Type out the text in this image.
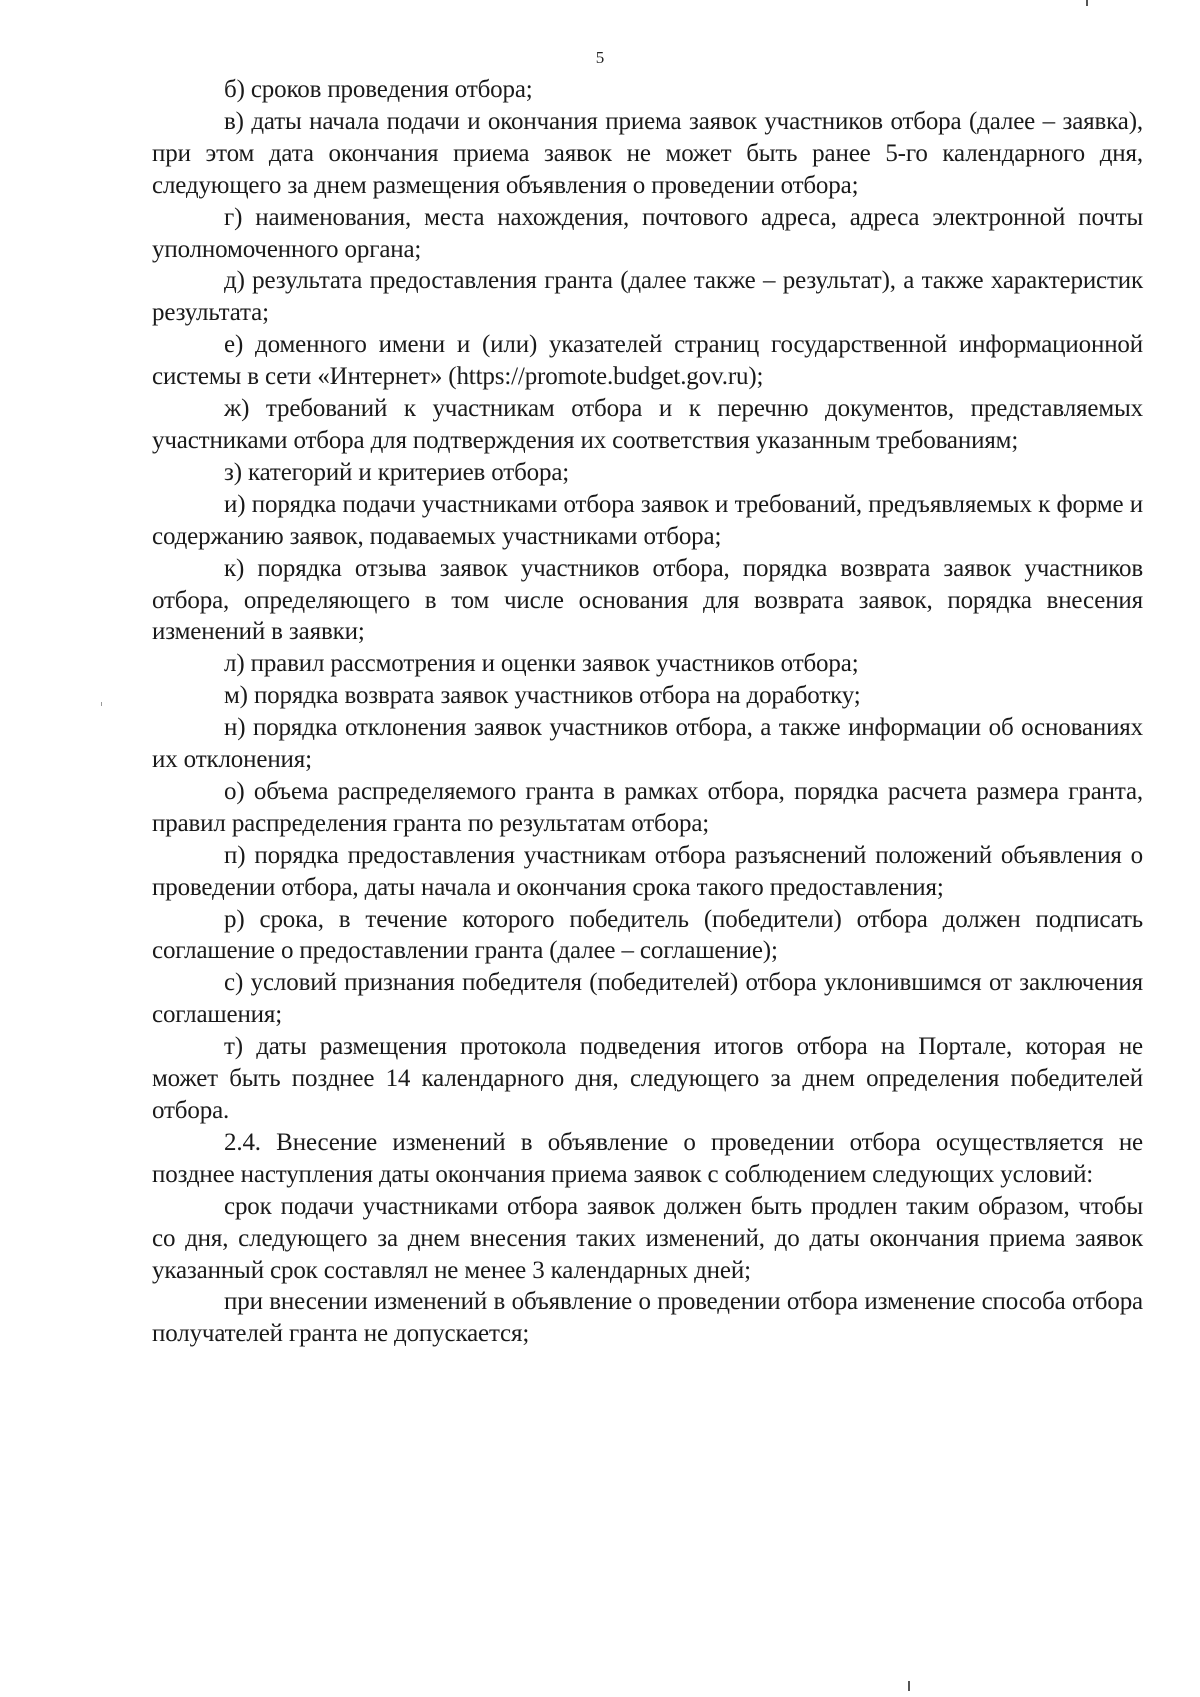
5

б) сроков проведения отбора;

в) даты начала подачи и окончания приема заявок участников отбора (далее – заявка), при этом дата окончания приема заявок не может быть ранее 5-го календарного дня, следующего за днем размещения объявления о проведении отбора;

г) наименования, места нахождения, почтового адреса, адреса электронной почты уполномоченного органа;

д) результата предоставления гранта (далее также – результат), а также характеристик результата;

е) доменного имени и (или) указателей страниц государственной информационной системы в сети «Интернет» (https://promote.budget.gov.ru);

ж) требований к участникам отбора и к перечню документов, представляемых участниками отбора для подтверждения их соответствия указанным требованиям;

з) категорий и критериев отбора;

и) порядка подачи участниками отбора заявок и требований, предъявляемых к форме и содержанию заявок, подаваемых участниками отбора;

к) порядка отзыва заявок участников отбора, порядка возврата заявок участников отбора, определяющего в том числе основания для возврата заявок, порядка внесения изменений в заявки;

л) правил рассмотрения и оценки заявок участников отбора;

м) порядка возврата заявок участников отбора на доработку;

н) порядка отклонения заявок участников отбора, а также информации об основаниях их отклонения;

о) объема распределяемого гранта в рамках отбора, порядка расчета размера гранта, правил распределения гранта по результатам отбора;

п) порядка предоставления участникам отбора разъяснений положений объявления о проведении отбора, даты начала и окончания срока такого предоставления;

р) срока, в течение которого победитель (победители) отбора должен подписать соглашение о предоставлении гранта (далее – соглашение);

с) условий признания победителя (победителей) отбора уклонившимся от заключения соглашения;

т) даты размещения протокола подведения итогов отбора на Портале, которая не может быть позднее 14 календарного дня, следующего за днем определения победителей отбора.

2.4. Внесение изменений в объявление о проведении отбора осуществляется не позднее наступления даты окончания приема заявок с соблюдением следующих условий:

срок подачи участниками отбора заявок должен быть продлен таким образом, чтобы со дня, следующего за днем внесения таких изменений, до даты окончания приема заявок указанный срок составлял не менее 3 календарных дней;

при внесении изменений в объявление о проведении отбора изменение способа отбора получателей гранта не допускается;
